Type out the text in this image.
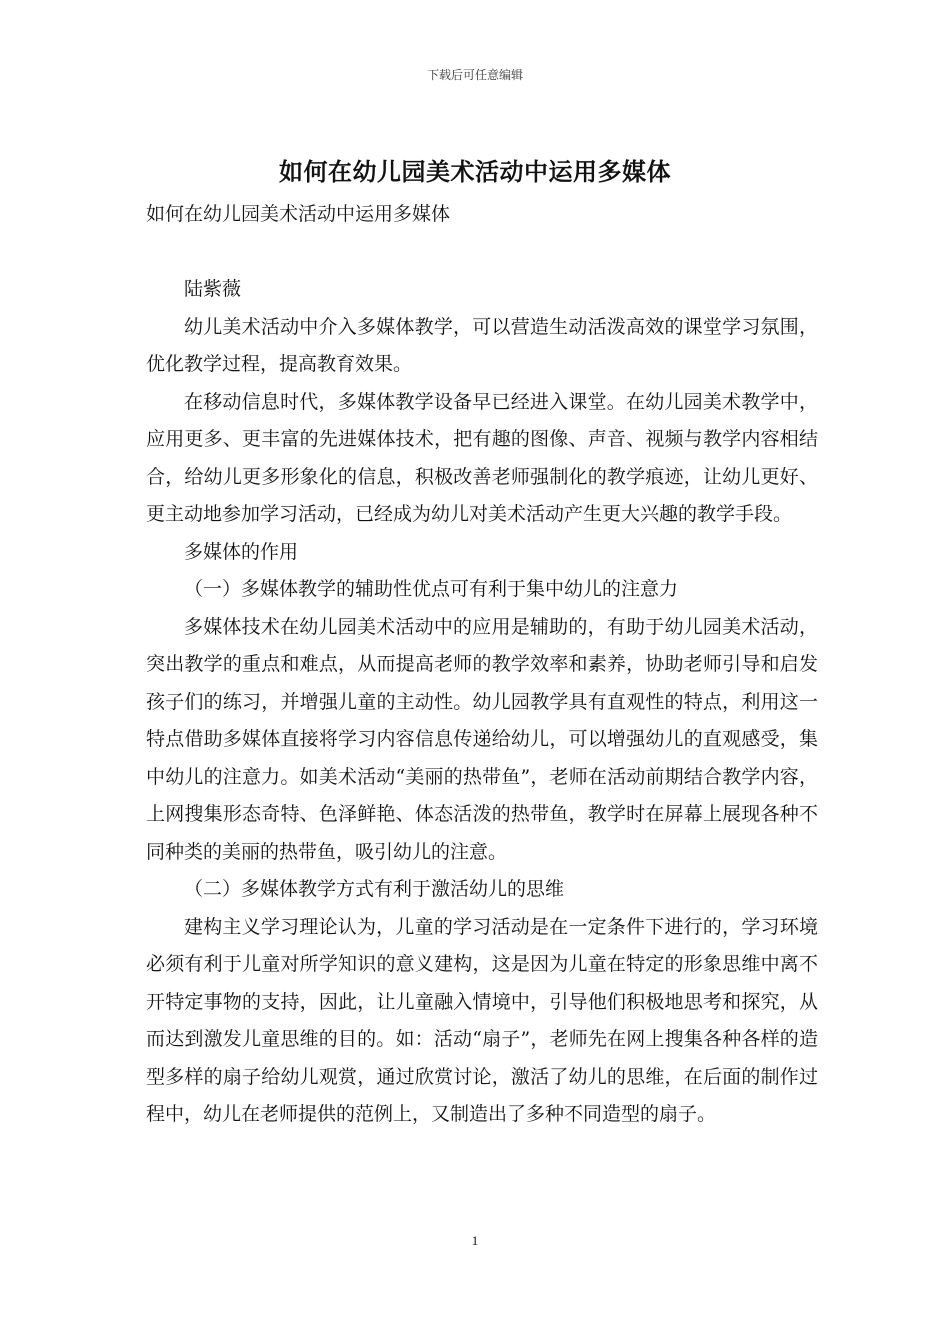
下载后可任意编辑
如何在幼儿园美术活动中运用多媒体

如何在幼儿园美术活动中运用多媒体

陆紫薇

幼儿美术活动中介入多媒体教学，可以营造生动活泼高效的课堂学习氛围，优化教学过程，提高教育效果。

在移动信息时代，多媒体教学设备早已经进入课堂。在幼儿园美术教学中，应用更多、更丰富的先进媒体技术，把有趣的图像、声音、视频与教学内容相结合，给幼儿更多形象化的信息，积极改善老师强制化的教学痕迹，让幼儿更好、更主动地参加学习活动，已经成为幼儿对美术活动产生更大兴趣的教学手段。

多媒体的作用

（一）多媒体教学的辅助性优点可有利于集中幼儿的注意力

多媒体技术在幼儿园美术活动中的应用是辅助的，有助于幼儿园美术活动，突出教学的重点和难点，从而提高老师的教学效率和素养，协助老师引导和启发孩子们的练习，并增强儿童的主动性。幼儿园教学具有直观性的特点，利用这一特点借助多媒体直接将学习内容信息传递给幼儿，可以增强幼儿的直观感受，集中幼儿的注意力。如美术活动“美丽的热带鱼”，老师在活动前期结合教学内容，上网搜集形态奇特、色泽鲜艳、体态活泼的热带鱼，教学时在屏幕上展现各种不同种类的美丽的热带鱼，吸引幼儿的注意。

（二）多媒体教学方式有利于激活幼儿的思维

建构主义学习理论认为，儿童的学习活动是在一定条件下进行的，学习环境必须有利于儿童对所学知识的意义建构，这是因为儿童在特定的形象思维中离不开特定事物的支持，因此，让儿童融入情境中，引导他们积极地思考和探究，从而达到激发儿童思维的目的。如：活动“扇子”，老师先在网上搜集各种各样的造型多样的扇子给幼儿观赏，通过欣赏讨论，激活了幼儿的思维，在后面的制作过程中，幼儿在老师提供的范例上，又制造出了多种不同造型的扇子。

1
